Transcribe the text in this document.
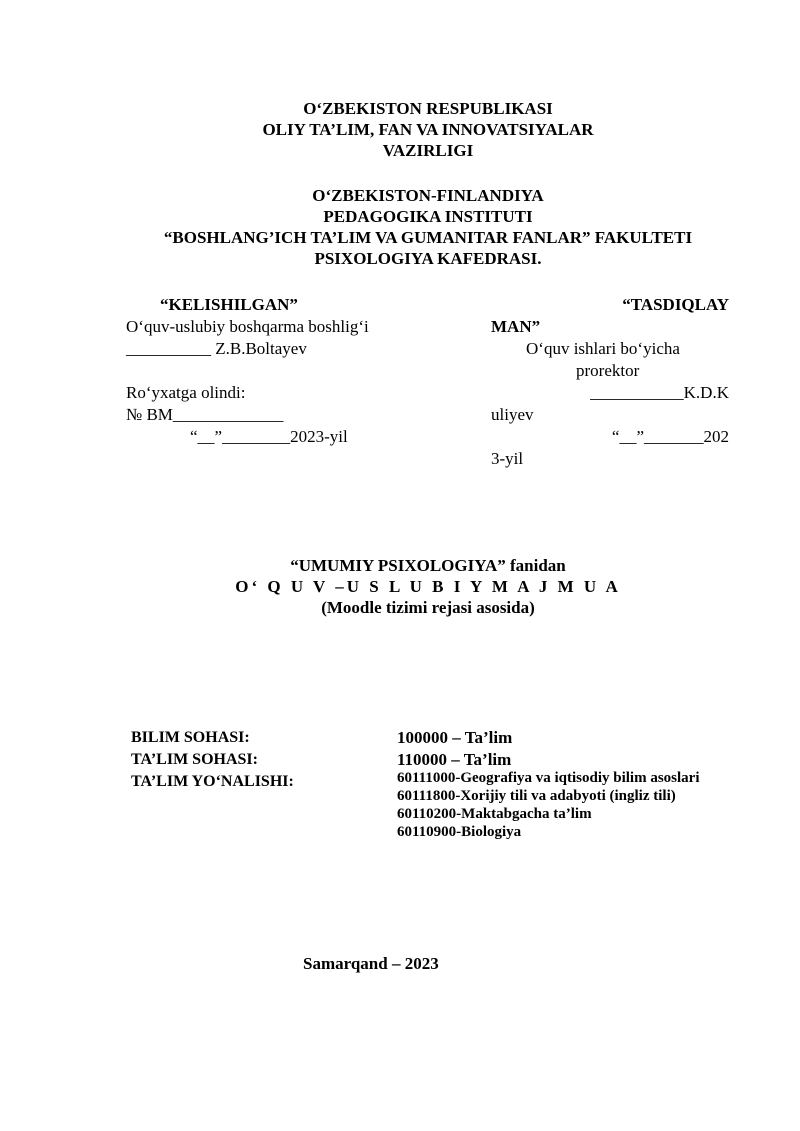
O‘ZBEKISTON RESPUBLIKASI
OLIY TA’LIM, FAN VA INNOVATSIYALAR
VAZIRLIGI
O‘ZBEKISTON-FINLANDIYA
PEDAGOGIKA INSTITUTI
“BOSHLANG’ICH TA’LIM VA GUMANITAR FANLAR” FAKULTETI
PSIXOLOGIYA KAFEDRASI.
“KELISHILGAN”
O‘quv-uslubiy boshqarma boshlig‘i
__________ Z.B.Boltayev
Ro‘yxatga olindi:
№ BM_____________
“__”________2023-yil
“TASDIQLAY
MAN”
O‘quv ishlari bo‘yicha
prorektor
___________K.D.K
uliyev
“__”_______202
3-yil
“UMUMIY PSIXOLOGIYA” fanidan
O‘ Q U V –U S L U B I Y M A J M U A
(Moodle tizimi rejasi asosida)
BILIM SOHASI:	100000 – Ta’lim
TA’LIM SOHASI:	110000 – Ta’lim
TA’LIM YO‘NALISHI:	60111000-Geografiya va iqtisodiy bilim asoslari
60111800-Xorijiy tili va adabyoti (ingliz tili)
60110200-Maktabgacha ta’lim
60110900-Biologiya
Samarqand – 2023
